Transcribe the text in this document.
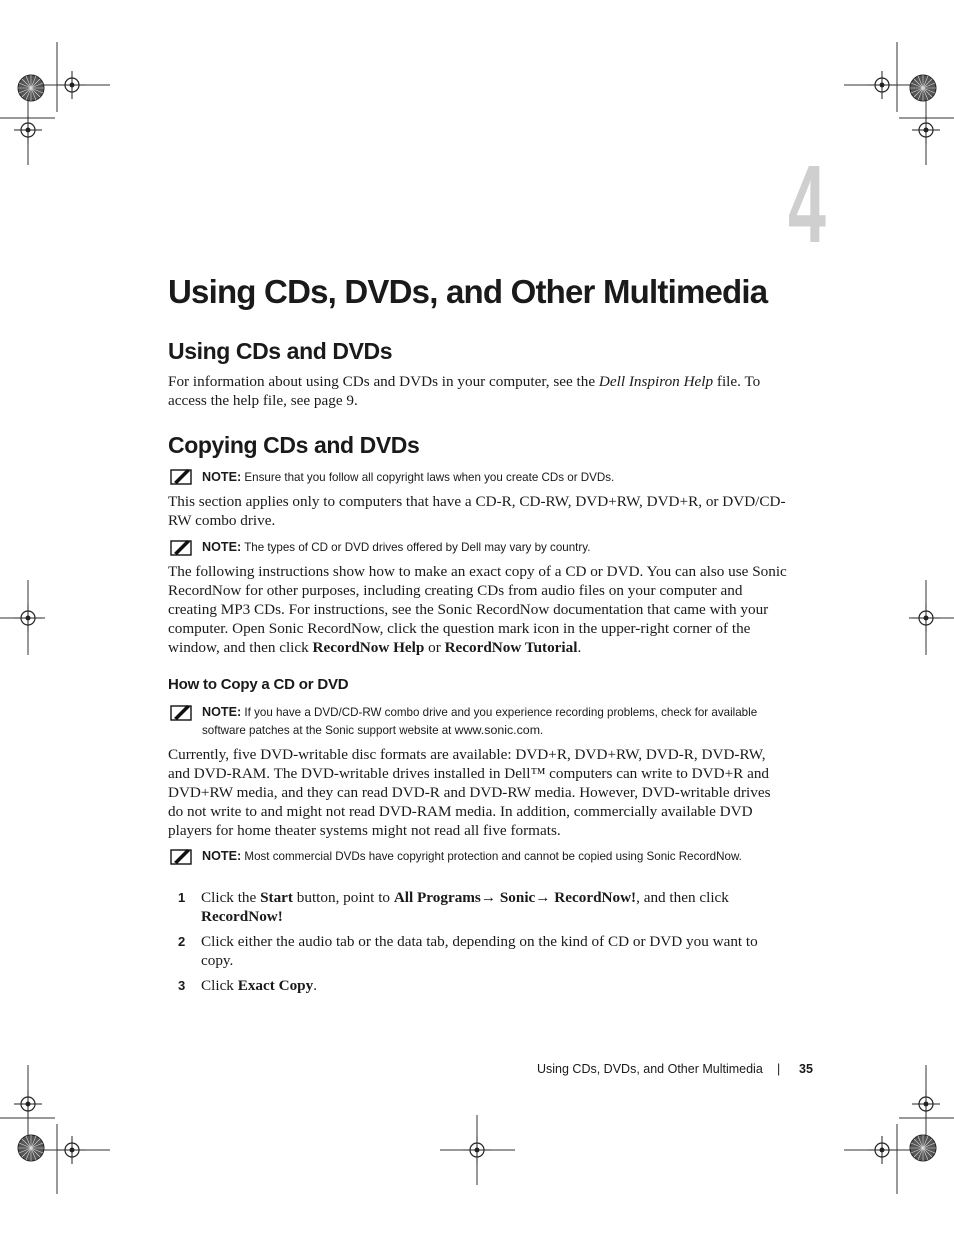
4
Using CDs, DVDs, and Other Multimedia
Using CDs and DVDs
For information about using CDs and DVDs in your computer, see the Dell Inspiron Help file. To access the help file, see page 9.
Copying CDs and DVDs
NOTE: Ensure that you follow all copyright laws when you create CDs or DVDs.
This section applies only to computers that have a CD-R, CD-RW, DVD+RW, DVD+R, or DVD/CD-RW combo drive.
NOTE: The types of CD or DVD drives offered by Dell may vary by country.
The following instructions show how to make an exact copy of a CD or DVD. You can also use Sonic RecordNow for other purposes, including creating CDs from audio files on your computer and creating MP3 CDs. For instructions, see the Sonic RecordNow documentation that came with your computer. Open Sonic RecordNow, click the question mark icon in the upper-right corner of the window, and then click RecordNow Help or RecordNow Tutorial.
How to Copy a CD or DVD
NOTE: If you have a DVD/CD-RW combo drive and you experience recording problems, check for available software patches at the Sonic support website at www.sonic.com.
Currently, five DVD-writable disc formats are available: DVD+R, DVD+RW, DVD-R, DVD-RW, and DVD-RAM. The DVD-writable drives installed in Dell™ computers can write to DVD+R and DVD+RW media, and they can read DVD-R and DVD-RW media. However, DVD-writable drives do not write to and might not read DVD-RAM media. In addition, commercially available DVD players for home theater systems might not read all five formats.
NOTE: Most commercial DVDs have copyright protection and cannot be copied using Sonic RecordNow.
1 Click the Start button, point to All Programs→ Sonic→ RecordNow!, and then click RecordNow!
2 Click either the audio tab or the data tab, depending on the kind of CD or DVD you want to copy.
3 Click Exact Copy.
Using CDs, DVDs, and Other Multimedia | 35
